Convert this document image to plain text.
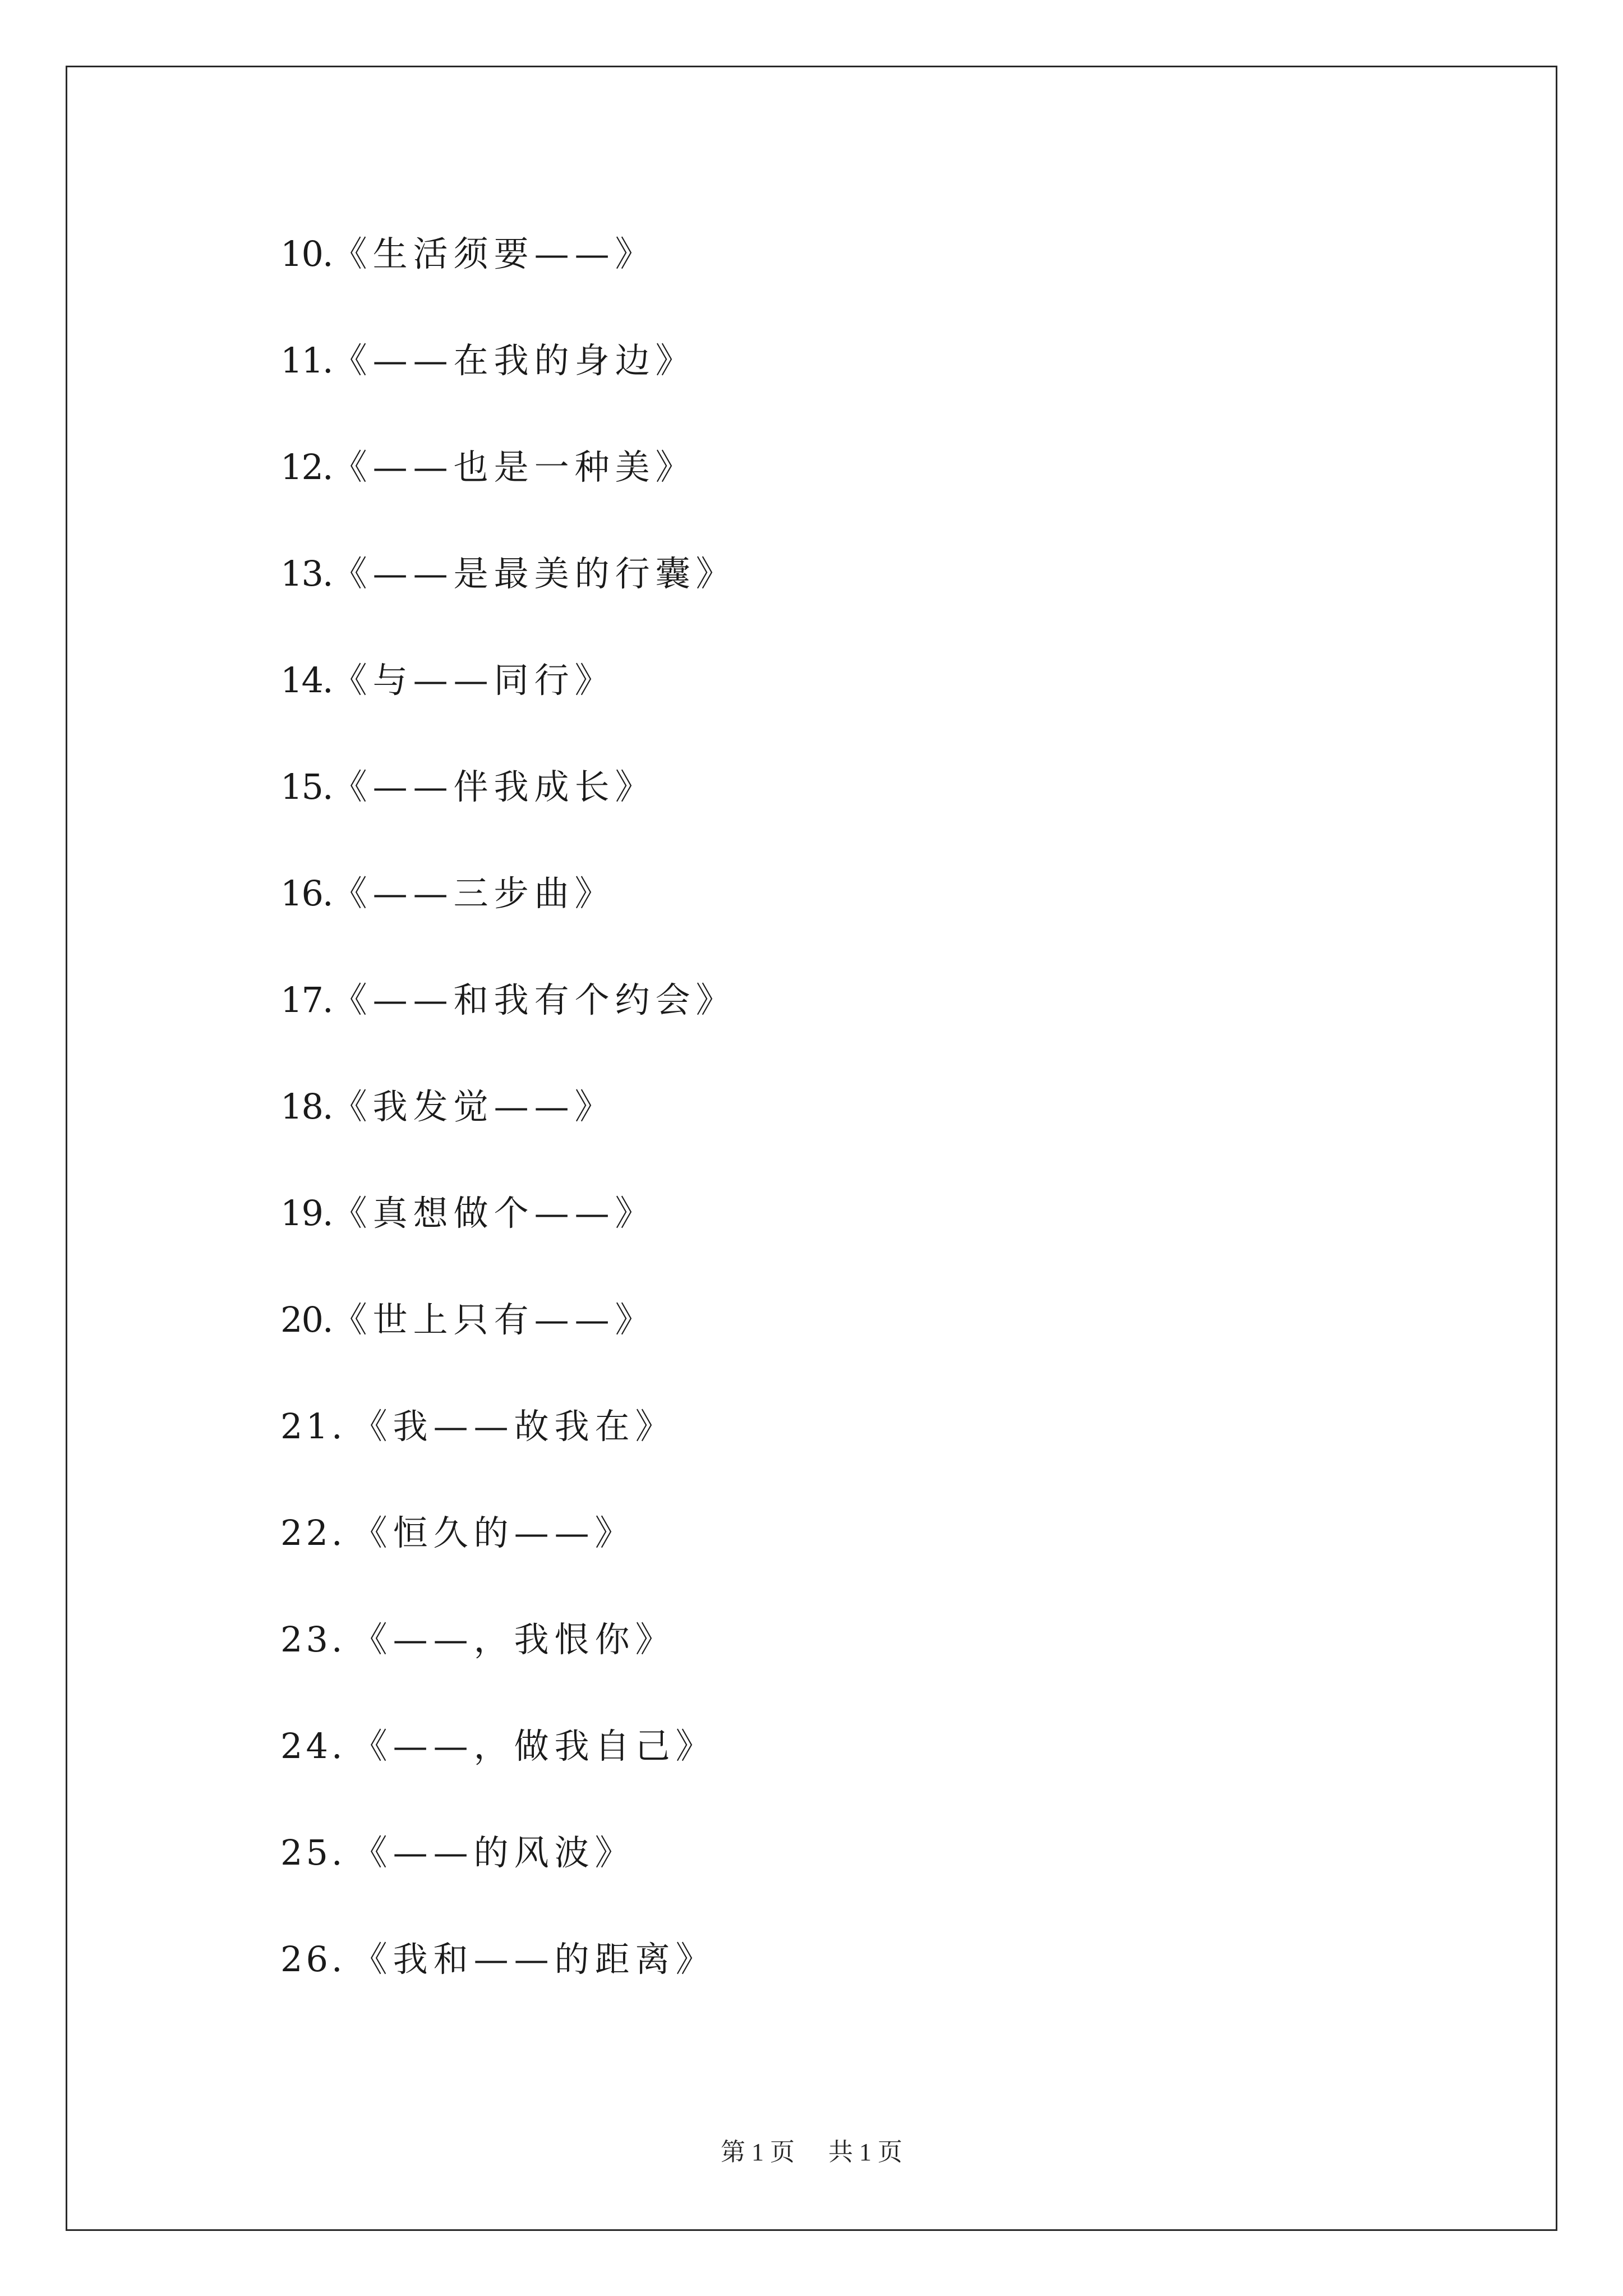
10. 《生活须要——》
11. 《——在我的身边》
12. 《——也是一种美》
13. 《——是最美的行囊》
14. 《与——同行》
15. 《——伴我成长》
16. 《——三步曲》
17. 《——和我有个约会》
18. 《我发觉——》
19. 《真想做个——》
20. 《世上只有——》
21. 《我——故我在》
22. 《恒久的——》
23. 《——，我恨你》
24. 《——，做我自己》
25. 《——的风波》
26. 《我和——的距离》
第 1 页 共 1 页
